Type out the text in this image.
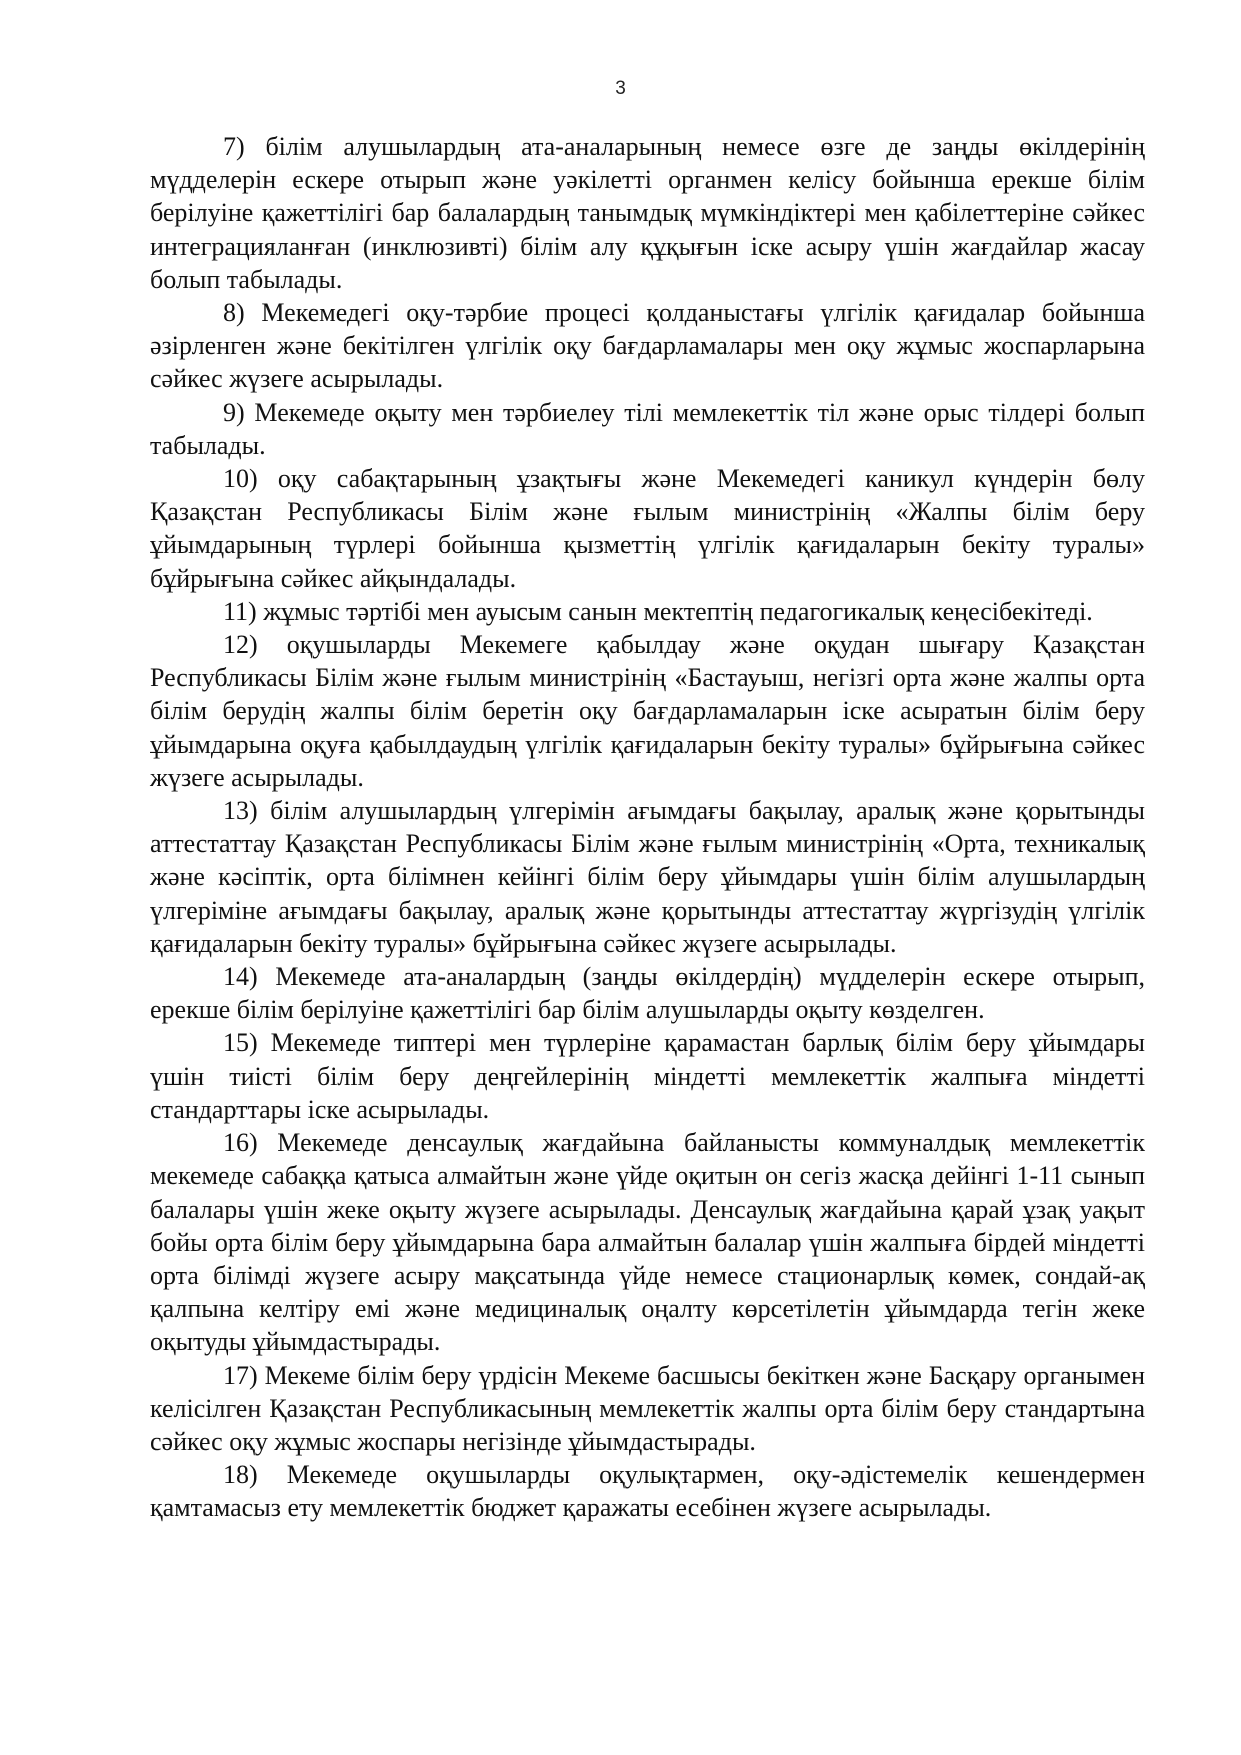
3

7) білім алушылардың ата-аналарының немесе өзге де заңды өкілдерінің мүдделерін ескере отырып және уәкілетті органмен келісу бойынша ерекше білім берілуіне қажеттілігі бар балалардың танымдық мүмкіндіктері мен қабілеттеріне сәйкес интеграцияланған (инклюзивті) білім алу құқығын іске асыру үшін жағдайлар жасау болып табылады.

8) Мекемедегі оқу-тәрбие процесі қолданыстағы үлгілік қағидалар бойынша әзірленген және бекітілген үлгілік оқу бағдарламалары мен оқу жұмыс жоспарларына сәйкес жүзеге асырылады.

9) Мекемеде оқыту мен тәрбиелеу тілі мемлекеттік тіл және орыс тілдері болып табылады.

10) оқу сабақтарының ұзақтығы және Мекемедегі каникул күндерін бөлу Қазақстан Республикасы Білім және ғылым министрінің «Жалпы білім беру ұйымдарының түрлері бойынша қызметтің үлгілік қағидаларын бекіту туралы» бұйрығына сәйкес айқындалады.

11) жұмыс тәртібі мен ауысым санын мектептің педагогикалық кеңесібекітеді.

12) оқушыларды Мекемеге қабылдау және оқудан шығару Қазақстан Республикасы Білім және ғылым министрінің «Бастауыш, негізгі орта және жалпы орта білім берудің жалпы білім беретін оқу бағдарламаларын іске асыратын білім беру ұйымдарына оқуға қабылдаудың үлгілік қағидаларын бекіту туралы» бұйрығына сәйкес жүзеге асырылады.

13) білім алушылардың үлгерімін ағымдағы бақылау, аралық және қорытынды аттестаттау Қазақстан Республикасы Білім және ғылым министрінің «Орта, техникалық және кәсіптік, орта білімнен кейінгі білім беру ұйымдары үшін білім алушылардың үлгеріміне ағымдағы бақылау, аралық және қорытынды аттестаттау жүргізудің үлгілік қағидаларын бекіту туралы» бұйрығына сәйкес жүзеге асырылады.

14) Мекемеде ата-аналардың (заңды өкілдердің) мүдделерін ескере отырып, ерекше білім берілуіне қажеттілігі бар білім алушыларды оқыту көзделген.

15) Мекемеде типтері мен түрлеріне қарамастан барлық білім беру ұйымдары үшін тиісті білім беру деңгейлерінің міндетті мемлекеттік жалпыға міндетті стандарттары іске асырылады.

16) Мекемеде денсаулық жағдайына байланысты коммуналдық мемлекеттік мекемеде сабаққа қатыса алмайтын және үйде оқитын он сегіз жасқа дейінгі 1-11 сынып балалары үшін жеке оқыту жүзеге асырылады. Денсаулық жағдайына қарай ұзақ уақыт бойы орта білім беру ұйымдарына бара алмайтын балалар үшін жалпыға бірдей міндетті орта білімді жүзеге асыру мақсатында үйде немесе стационарлық көмек, сондай-ақ қалпына келтіру емі және медициналық оңалту көрсетілетін ұйымдарда тегін жеке оқытуды ұйымдастырады.

17) Мекеме білім беру үрдісін Мекеме басшысы бекіткен және Басқару органымен келісілген Қазақстан Республикасының мемлекеттік жалпы орта білім беру стандартына сәйкес оқу жұмыс жоспары негізінде ұйымдастырады.

18) Мекемеде оқушыларды оқулықтармен, оқу-әдістемелік кешендермен қамтамасыз ету мемлекеттік бюджет қаражаты есебінен жүзеге асырылады.
